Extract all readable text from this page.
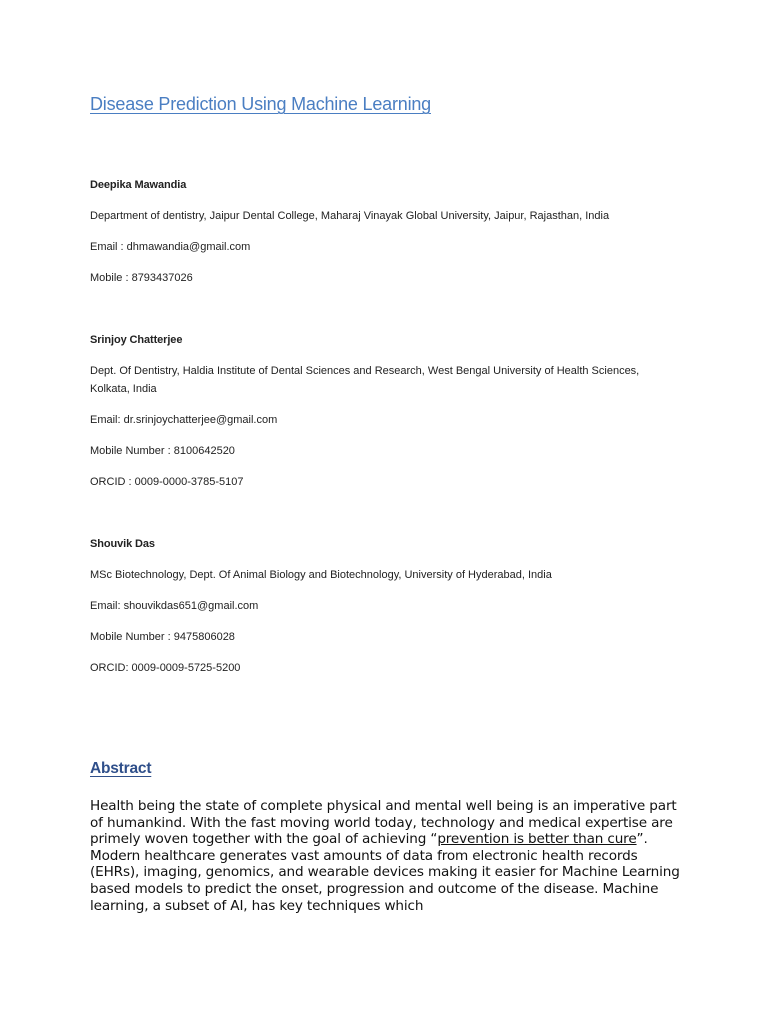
Disease Prediction Using Machine Learning

Deepika Mawandia

Department of dentistry, Jaipur Dental College, Maharaj Vinayak Global University, Jaipur, Rajasthan, India

Email : dhmawandia@gmail.com

Mobile : 8793437026

Srinjoy Chatterjee

Dept. Of Dentistry, Haldia Institute of Dental Sciences and Research, West Bengal University of Health Sciences, Kolkata, India

Email: dr.srinjoychatterjee@gmail.com

Mobile Number : 8100642520

ORCID : 0009-0000-3785-5107

Shouvik Das

MSc Biotechnology, Dept. Of Animal Biology and Biotechnology, University of Hyderabad, India

Email: shouvikdas651@gmail.com

Mobile Number : 9475806028

ORCID: 0009-0009-5725-5200

Abstract

Health being the state of complete physical and mental well being is an imperative part of humankind. With the fast moving world today, technology and medical expertise are primely woven together with the goal of achieving “prevention is better than cure”. Modern healthcare generates vast amounts of data from electronic health records (EHRs), imaging, genomics, and wearable devices making it easier for Machine Learning based models to predict the onset, progression and outcome of the disease. Machine learning, a subset of AI, has key techniques which
